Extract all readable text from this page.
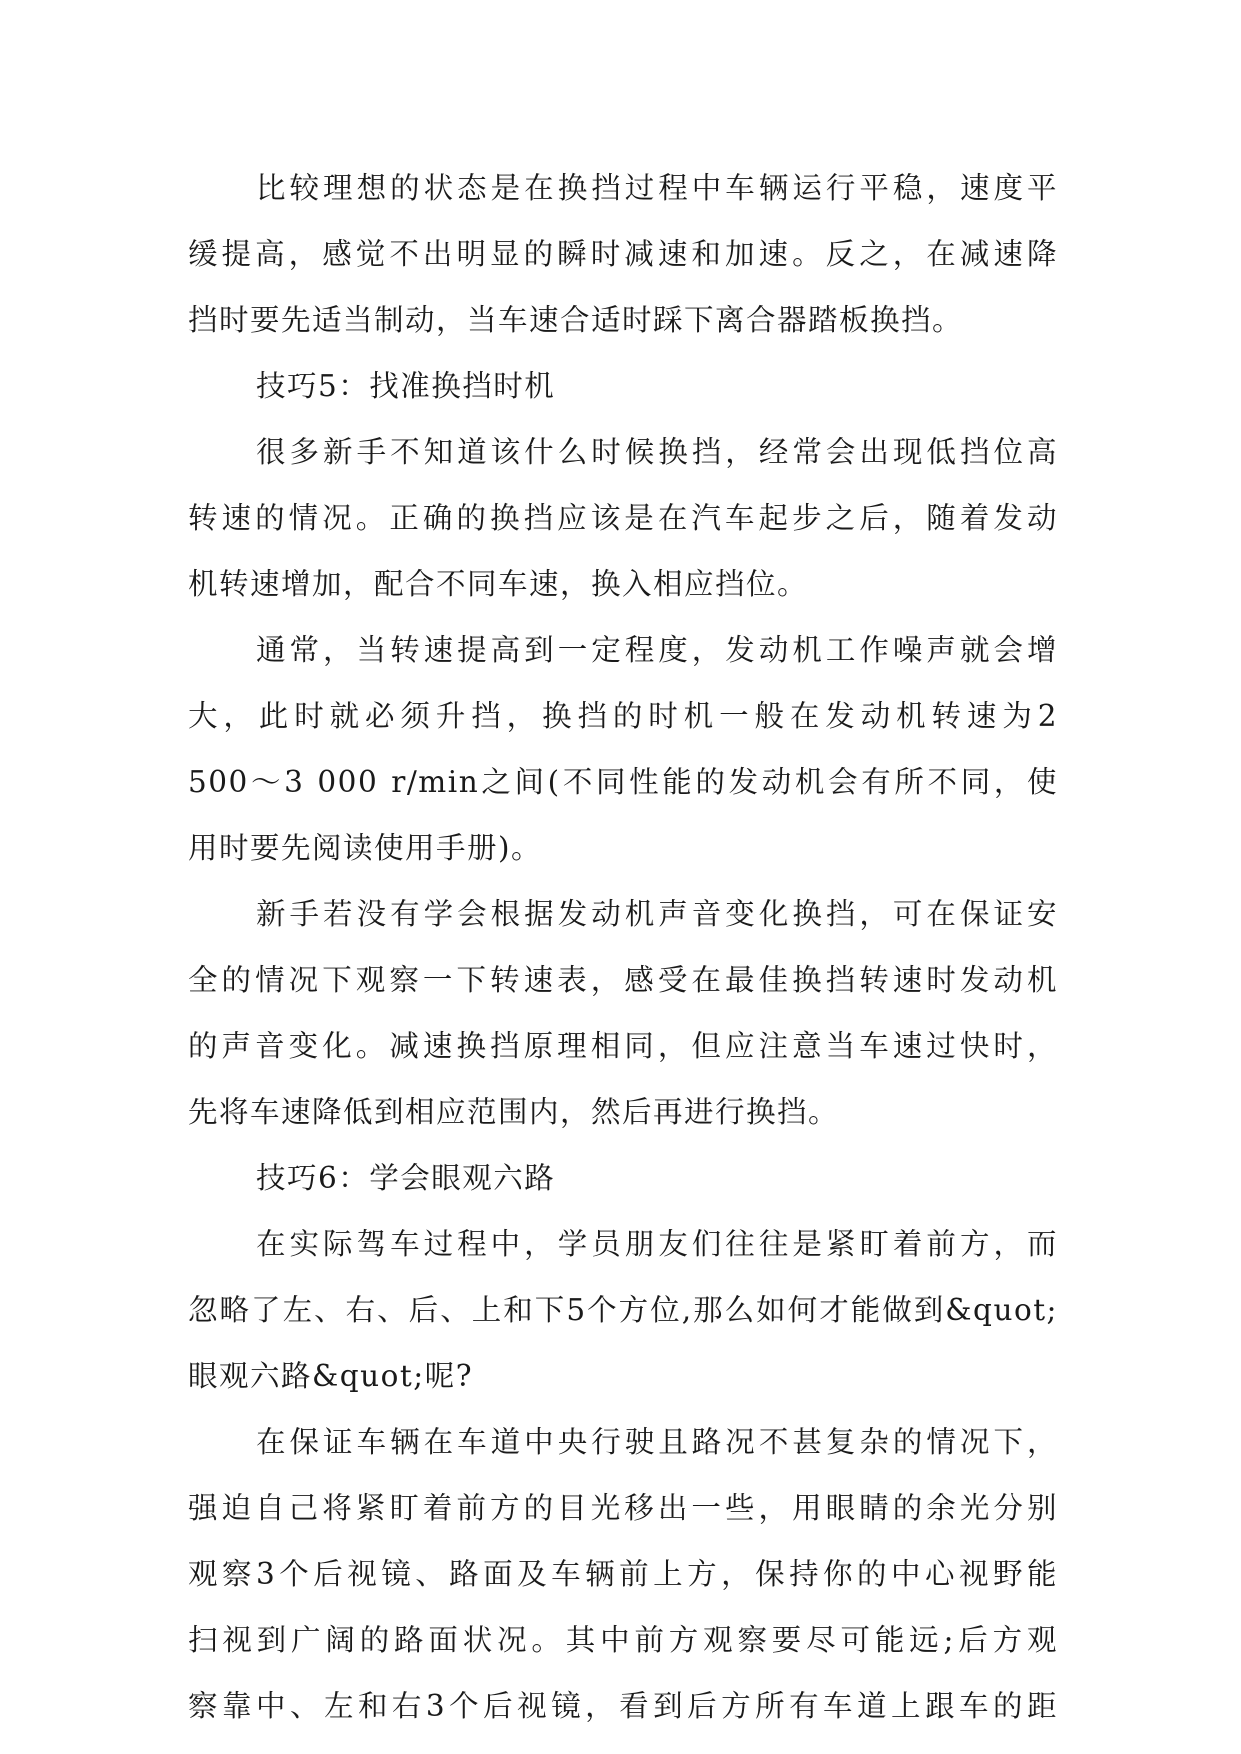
比较理想的状态是在换挡过程中车辆运行平稳，速度平
缓提高，感觉不出明显的瞬时减速和加速。反之，在减速降
挡时要先适当制动，当车速合适时踩下离合器踏板换挡。
技巧5：找准换挡时机
很多新手不知道该什么时候换挡，经常会出现低挡位高
转速的情况。正确的换挡应该是在汽车起步之后，随着发动
机转速增加，配合不同车速，换入相应挡位。
通常，当转速提高到一定程度，发动机工作噪声就会增
大，此时就必须升挡，换挡的时机一般在发动机转速为2
500～3 000 r/min之间(不同性能的发动机会有所不同，使
用时要先阅读使用手册)。
新手若没有学会根据发动机声音变化换挡，可在保证安
全的情况下观察一下转速表，感受在最佳换挡转速时发动机
的声音变化。减速换挡原理相同，但应注意当车速过快时，
先将车速降低到相应范围内，然后再进行换挡。
技巧6：学会眼观六路
在实际驾车过程中，学员朋友们往往是紧盯着前方，而
忽略了左、右、后、上和下5个方位,那么如何才能做到&quot;
眼观六路&quot;呢?
在保证车辆在车道中央行驶且路况不甚复杂的情况下，
强迫自己将紧盯着前方的目光移出一些，用眼睛的余光分别
观察3个后视镜、路面及车辆前上方，保持你的中心视野能
扫视到广阔的路面状况。其中前方观察要尽可能远;后方观
察靠中、左和右3个后视镜，看到后方所有车道上跟车的距
